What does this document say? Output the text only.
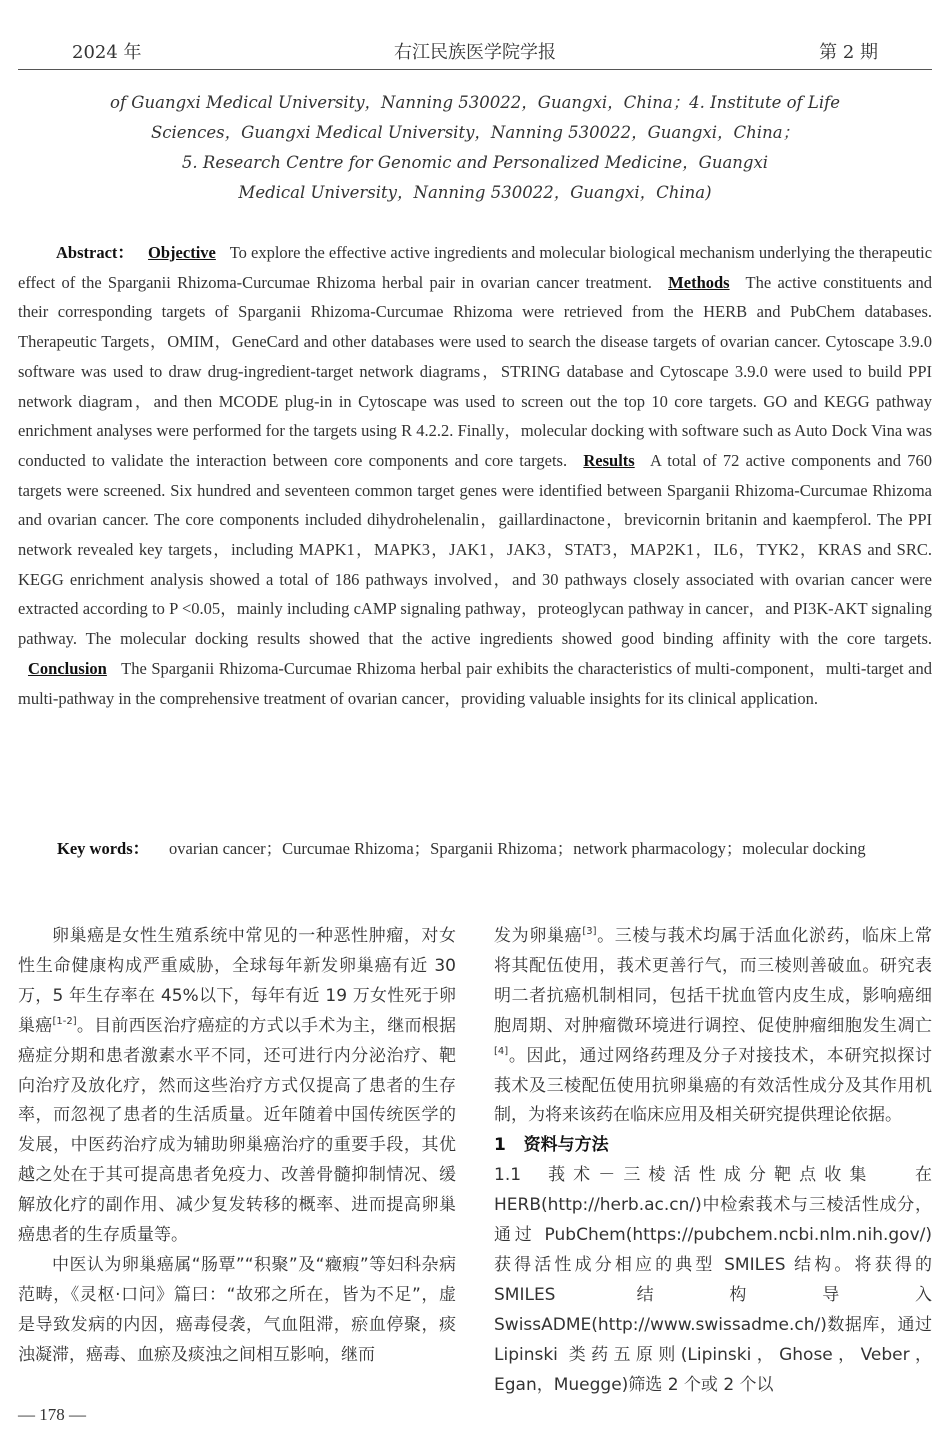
2024 年	右江民族医学院学报	第 2 期
of Guangxi Medical University，Nanning 530022，Guangxi，China；4. Institute of Life
Sciences，Guangxi Medical University，Nanning 530022，Guangxi，China；
5. Research Centre for Genomic and Personalized Medicine，Guangxi
Medical University，Nanning 530022，Guangxi，China)

Abstract： Objective To explore the effective active ingredients and molecular biological mechanism underlying the therapeutic effect of the Sparganii Rhizoma-Curcumae Rhizoma herbal pair in ovarian cancer treatment. Methods The active constituents and their corresponding targets of Sparganii Rhizoma-Curcumae Rhizoma were retrieved from the HERB and PubChem databases. Therapeutic Targets，OMIM，GeneCard and other databases were used to search the disease targets of ovarian cancer. Cytoscape 3.9.0 software was used to draw drug-ingredient-target network diagrams，STRING database and Cytoscape 3.9.0 were used to build PPI network diagram，and then MCODE plug-in in Cytoscape was used to screen out the top 10 core targets. GO and KEGG pathway enrichment analyses were performed for the targets using R 4.2.2. Finally，molecular docking with software such as Auto Dock Vina was conducted to validate the interaction between core components and core targets. Results A total of 72 active components and 760 targets were screened. Six hundred and seventeen common target genes were identified between Sparganii Rhizoma-Curcumae Rhizoma and ovarian cancer. The core components included dihydrohelenalin，gaillardinactone，brevicornin britanin and kaempferol. The PPI network revealed key targets，including MAPK1，MAPK3，JAK1，JAK3，STAT3，MAP2K1，IL6，TYK2，KRAS and SRC. KEGG enrichment analysis showed a total of 186 pathways involved，and 30 pathways closely associated with ovarian cancer were extracted according to P <0.05，mainly including cAMP signaling pathway，proteoglycan pathway in cancer，and PI3K-AKT signaling pathway. The molecular docking results showed that the active ingredients showed good binding affinity with the core targets. Conclusion The Sparganii Rhizoma-Curcumae Rhizoma herbal pair exhibits the characteristics of multi-component，multi-target and multi-pathway in the comprehensive treatment of ovarian cancer，providing valuable insights for its clinical application.

Key words：	ovarian cancer；Curcumae Rhizoma；Sparganii Rhizoma；network pharmacology；molecular docking

卵巢癌是女性生殖系统中常见的一种恶性肿瘤，对女性生命健康构成严重威胁，全球每年新发卵巢癌有近 30 万，5 年生存率在 45%以下，每年有近 19 万女性死于卵巢癌[1-2]。目前西医治疗癌症的方式以手术为主，继而根据癌症分期和患者激素水平不同，还可进行内分泌治疗、靶向治疗及放化疗，然而这些治疗方式仅提高了患者的生存率，而忽视了患者的生活质量。近年随着中国传统医学的发展，中医药治疗成为辅助卵巢癌治疗的重要手段，其优越之处在于其可提高患者免疫力、改善骨髓抑制情况、缓解放化疗的副作用、减少复发转移的概率、进而提高卵巢癌患者的生存质量等。

中医认为卵巢癌属“肠覃”“积聚”及“癥瘕”等妇科杂病范畴，《灵枢·口问》篇曰：“故邪之所在，皆为不足”，虚是导致发病的内因，癌毒侵袭，气血阻滞，瘀血停聚，痰浊凝滞，癌毒、血瘀及痰浊之间相互影响，继而

发为卵巢癌[3]。三棱与莪术均属于活血化淤药，临床上常将其配伍使用，莪术更善行气，而三棱则善破血。研究表明二者抗癌机制相同，包括干扰血管内皮生成，影响癌细胞周期、对肿瘤微环境进行调控、促使肿瘤细胞发生凋亡[4]。因此，通过网络药理及分子对接技术，本研究拟探讨莪术及三棱配伍使用抗卵巢癌的有效活性成分及其作用机制，为将来该药在临床应用及相关研究提供理论依据。

1 资料与方法

1.1 莪术－三棱活性成分靶点收集 在 HERB(http://herb.ac.cn/)中检索莪术与三棱活性成分，通过 PubChem(https://pubchem.ncbi.nlm.nih.gov/)获得活性成分相应的典型 SMILES 结构。将获得的 SMILES 结构导入 SwissADME(http://www.swissadme.ch/)数据库，通过 Lipinski 类药五原则(Lipinski，Ghose，Veber，Egan，Muegge)筛选 2 个或 2 个以

— 178 —
